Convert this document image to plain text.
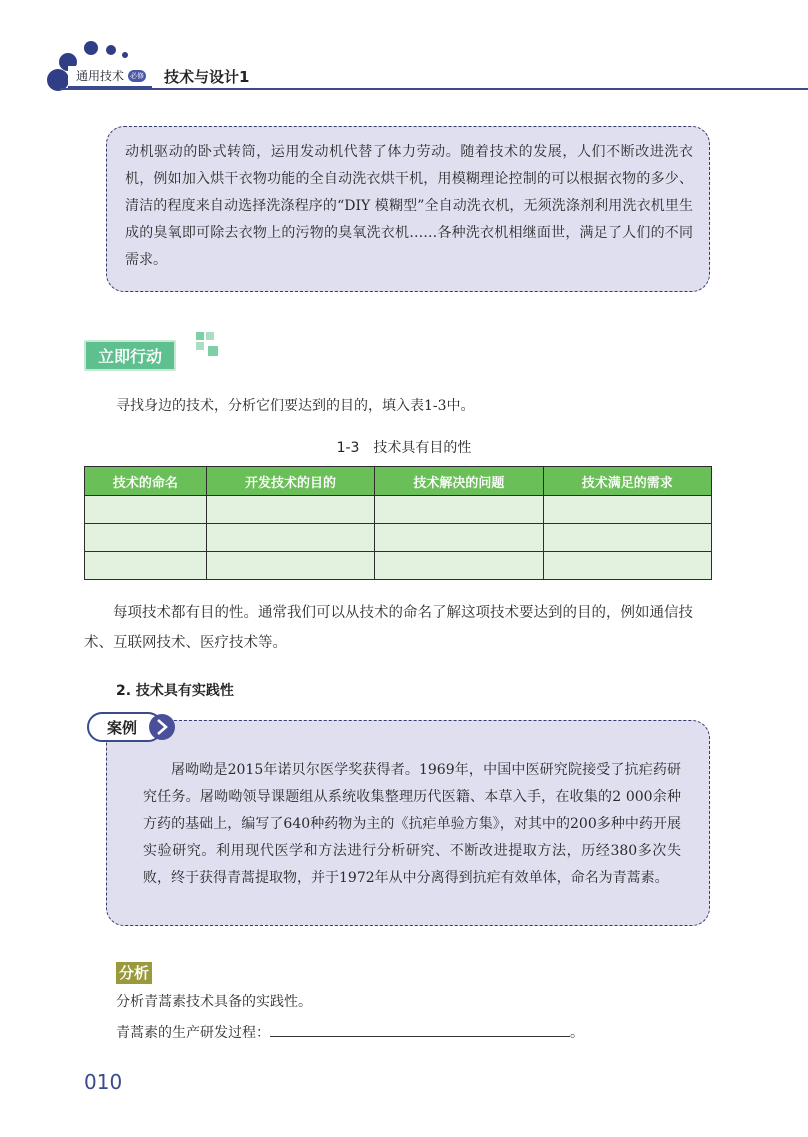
通用技术 必修 技术与设计1

动机驱动的卧式转筒，运用发动机代替了体力劳动。随着技术的发展，人们不断改进洗衣机，例如加入烘干衣物功能的全自动洗衣烘干机，用模糊理论控制的可以根据衣物的多少、清洁的程度来自动选择洗涤程序的“DIY 模糊型”全自动洗衣机，无须洗涤剂利用洗衣机里生成的臭氧即可除去衣物上的污物的臭氧洗衣机……各种洗衣机相继面世，满足了人们的不同需求。

立即行动

寻找身边的技术，分析它们要达到的目的，填入表1-3中。

1-3　技术具有目的性
技术的命名	开发技术的目的	技术解决的问题	技术满足的需求

每项技术都有目的性。通常我们可以从技术的命名了解这项技术要达到的目的，例如通信技术、互联网技术、医疗技术等。

2. 技术具有实践性

屠呦呦是2015年诺贝尔医学奖获得者。1969年，中国中医研究院接受了抗疟药研究任务。屠呦呦领导课题组从系统收集整理历代医籍、本草入手，在收集的2 000余种方药的基础上，编写了640种药物为主的《抗疟单验方集》，对其中的200多种中药开展实验研究。利用现代医学和方法进行分析研究、不断改进提取方法，历经380多次失败，终于获得青蒿提取物，并于1972年从中分离得到抗疟有效单体，命名为青蒿素。

案例
分析

分析青蒿素技术具备的实践性。

青蒿素的生产研发过程：	。

010
